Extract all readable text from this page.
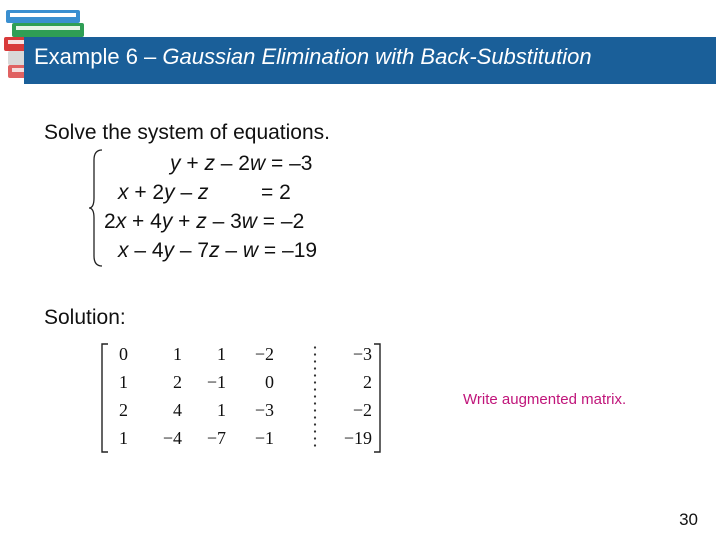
Example 6 – Gaussian Elimination with Back-Substitution
Solve the system of equations.
y + z – 2w = –3
x + 2y – z         = 2
2x + 4y + z – 3w = –2
x – 4y – 7z – w = –19
Solution:
0	1	1	−2	−3
1	2	−1	0	2
2	4	1	−3	−2
1	−4	−7	−1	−19
Write augmented matrix.
30
